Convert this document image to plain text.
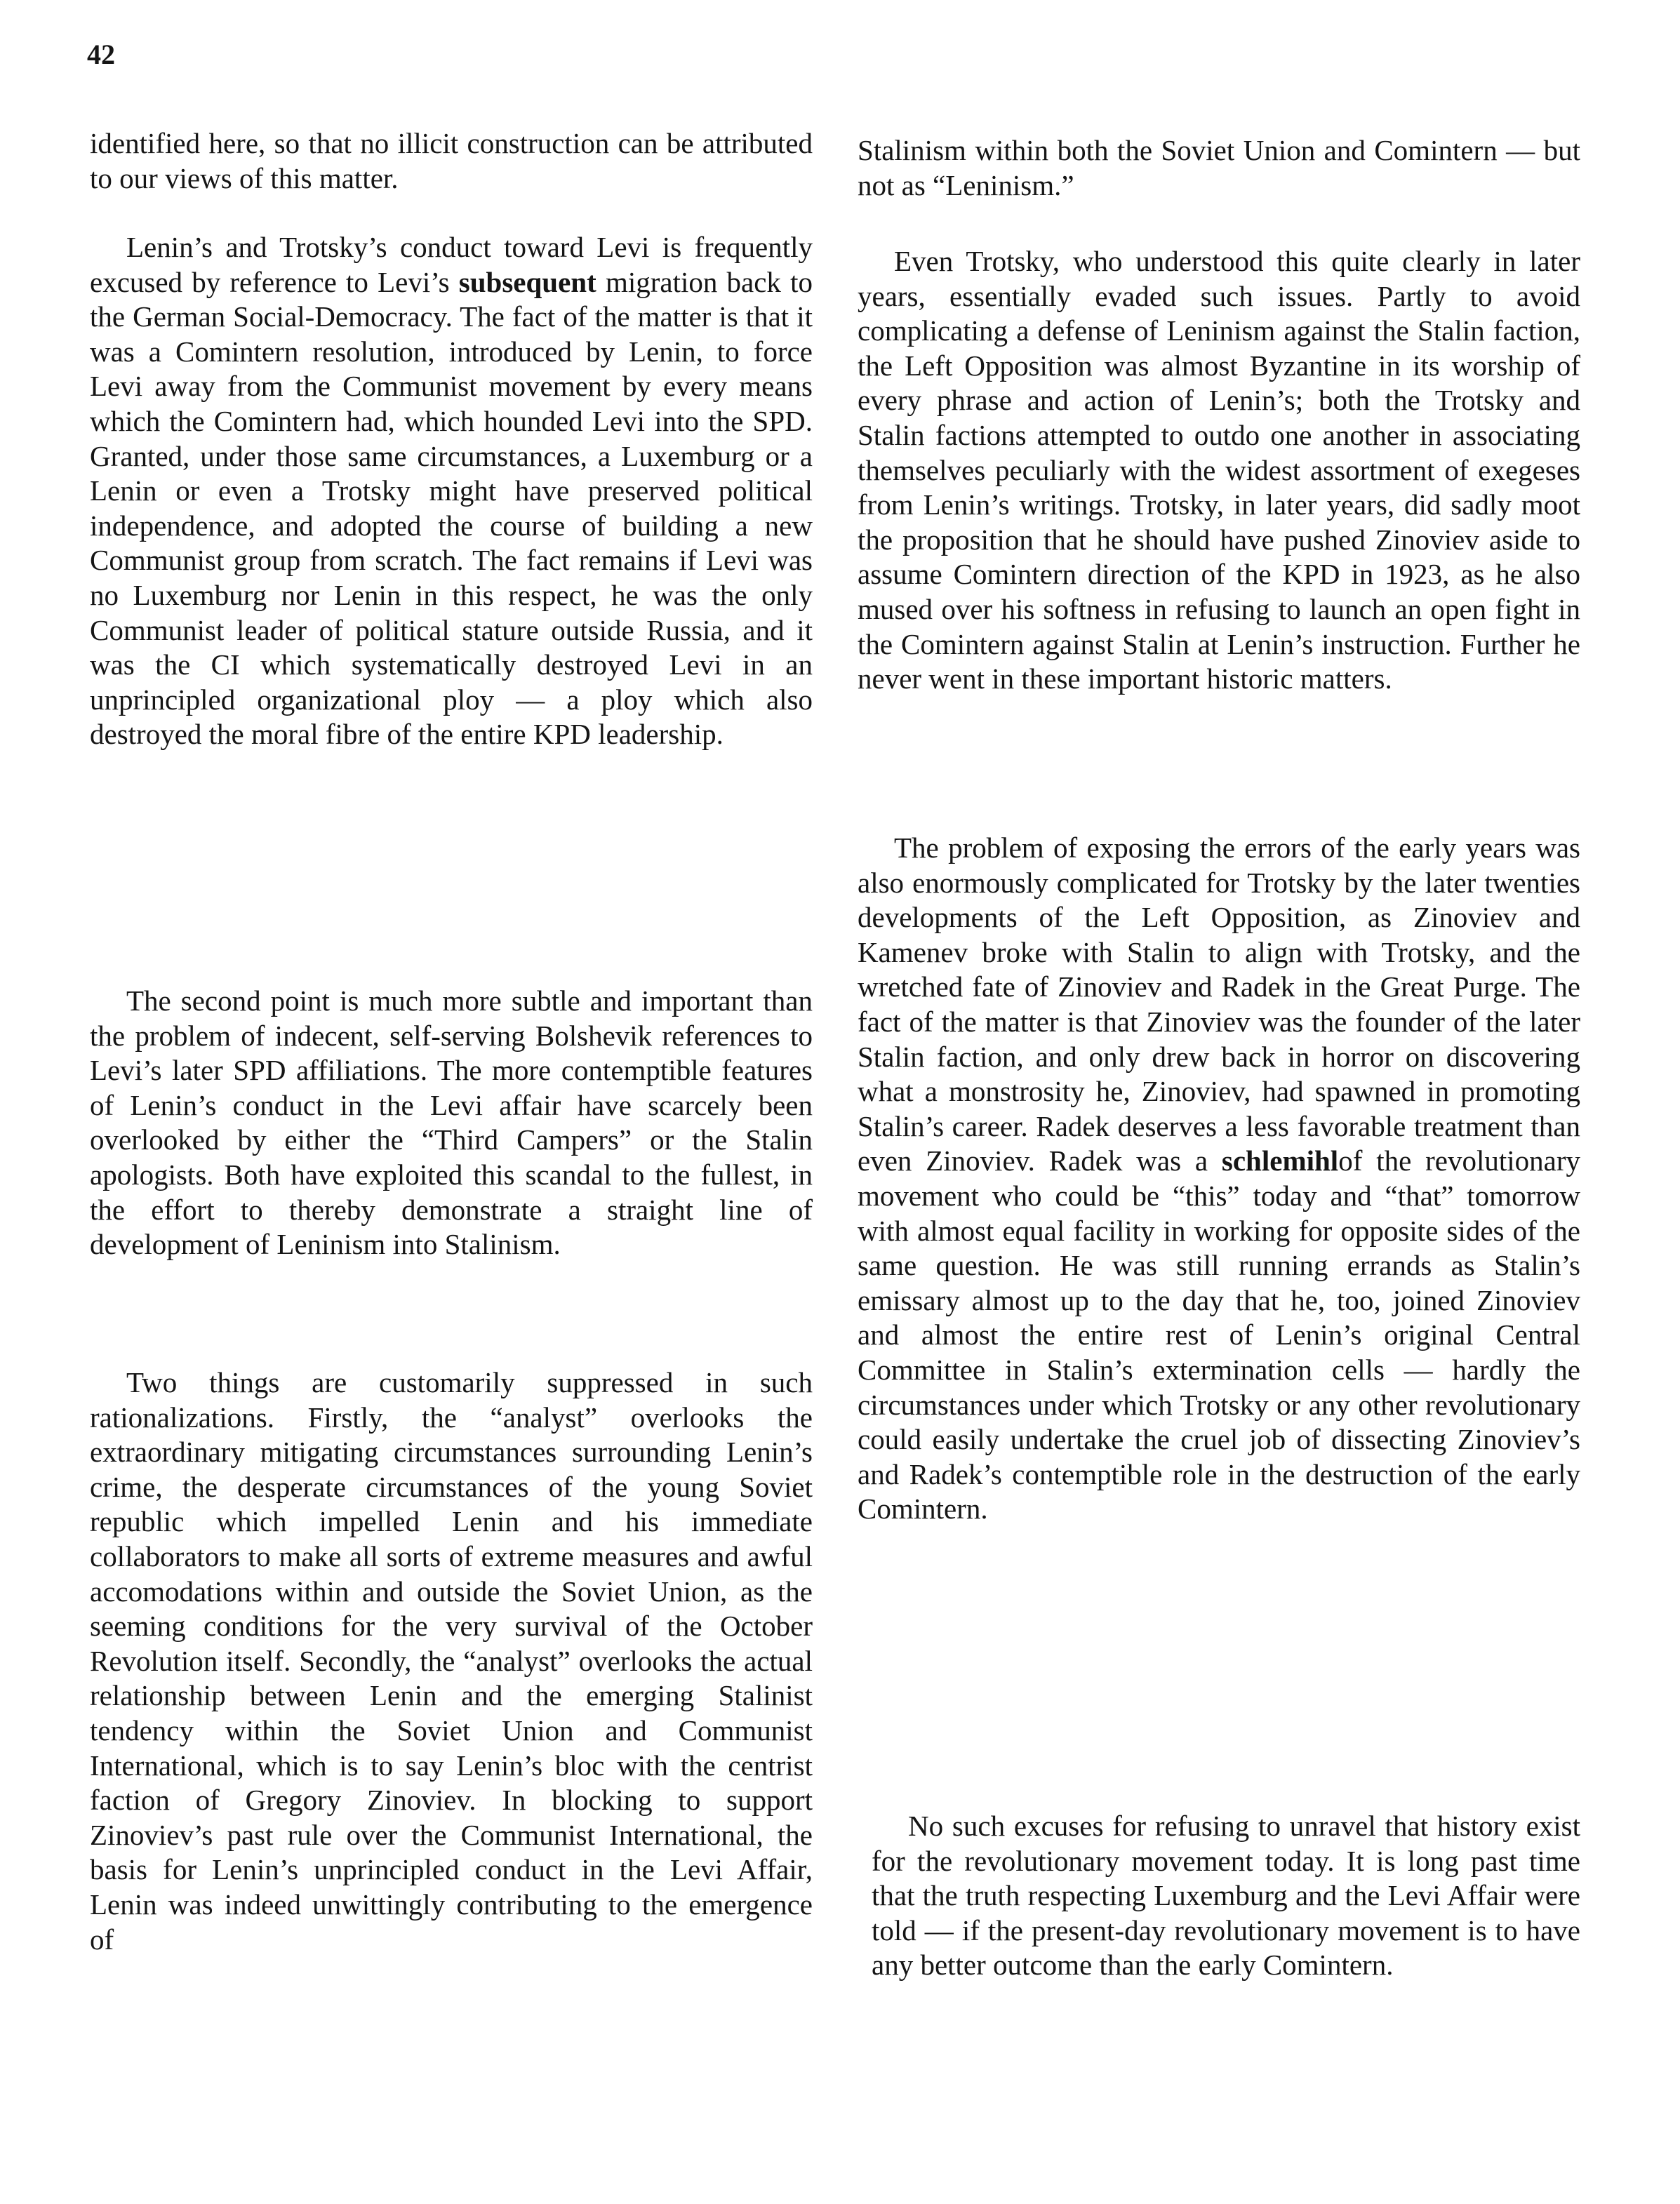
42

identified here, so that no illicit construction can be attributed to our views of this matter.

Lenin’s and Trotsky’s conduct toward Levi is frequently excused by reference to Levi’s subsequent migration back to the German Social-Democracy. The fact of the matter is that it was a Comintern resolution, introduced by Lenin, to force Levi away from the Communist movement by every means which the Comintern had, which hounded Levi into the SPD. Granted, under those same circumstances, a Luxemburg or a Lenin or even a Trotsky might have preserved political independence, and adopted the course of building a new Communist group from scratch. The fact remains if Levi was no Luxemburg nor Lenin in this respect, he was the only Communist leader of political stature outside Russia, and it was the CI which systematically destroyed Levi in an unprincipled organizational ploy — a ploy which also destroyed the moral fibre of the entire KPD leadership.

The second point is much more subtle and important than the problem of indecent, self-serving Bolshevik references to Levi’s later SPD affiliations. The more contemptible features of Lenin’s conduct in the Levi affair have scarcely been overlooked by either the “Third Campers” or the Stalin apologists. Both have exploited this scandal to the fullest, in the effort to thereby demonstrate a straight line of development of Leninism into Stalinism.

Two things are customarily suppressed in such rationalizations. Firstly, the “analyst” overlooks the extraordinary mitigating circumstances surrounding Lenin’s crime, the desperate circumstances of the young Soviet republic which impelled Lenin and his immediate collaborators to make all sorts of extreme measures and awful accomodations within and outside the Soviet Union, as the seeming conditions for the very survival of the October Revolution itself. Secondly, the “analyst” overlooks the actual relationship between Lenin and the emerging Stalinist tendency within the Soviet Union and Communist International, which is to say Lenin’s bloc with the centrist faction of Gregory Zinoviev. In blocking to support Zinoviev’s past rule over the Communist International, the basis for Lenin’s unprincipled conduct in the Levi Affair, Lenin was indeed unwittingly contributing to the emergence of

Stalinism within both the Soviet Union and Comintern — but not as “Leninism.”

Even Trotsky, who understood this quite clearly in later years, essentially evaded such issues. Partly to avoid complicating a defense of Leninism against the Stalin faction, the Left Opposition was almost Byzantine in its worship of every phrase and action of Lenin’s; both the Trotsky and Stalin factions attempted to outdo one another in associating themselves peculiarly with the widest assortment of exegeses from Lenin’s writings. Trotsky, in later years, did sadly moot the proposition that he should have pushed Zinoviev aside to assume Comintern direction of the KPD in 1923, as he also mused over his softness in refusing to launch an open fight in the Comintern against Stalin at Lenin’s instruction. Further he never went in these important historic matters.

The problem of exposing the errors of the early years was also enormously complicated for Trotsky by the later twenties developments of the Left Opposition, as Zinoviev and Kamenev broke with Stalin to align with Trotsky, and the wretched fate of Zinoviev and Radek in the Great Purge. The fact of the matter is that Zinoviev was the founder of the later Stalin faction, and only drew back in horror on discovering what a monstrosity he, Zinoviev, had spawned in promoting Stalin’s career. Radek deserves a less favorable treatment than even Zinoviev. Radek was a schlemihlof the revolutionary movement who could be “this” today and “that” tomorrow with almost equal facility in working for opposite sides of the same question. He was still running errands as Stalin’s emissary almost up to the day that he, too, joined Zinoviev and almost the entire rest of Lenin’s original Central Committee in Stalin’s extermination cells — hardly the circumstances under which Trotsky or any other revolutionary could easily undertake the cruel job of dissecting Zinoviev’s and Radek’s contemptible role in the destruction of the early Comintern.

No such excuses for refusing to unravel that history exist for the revolutionary movement today. It is long past time that the truth respecting Luxemburg and the Levi Affair were told — if the present-day revolutionary movement is to have any better outcome than the early Comintern.
